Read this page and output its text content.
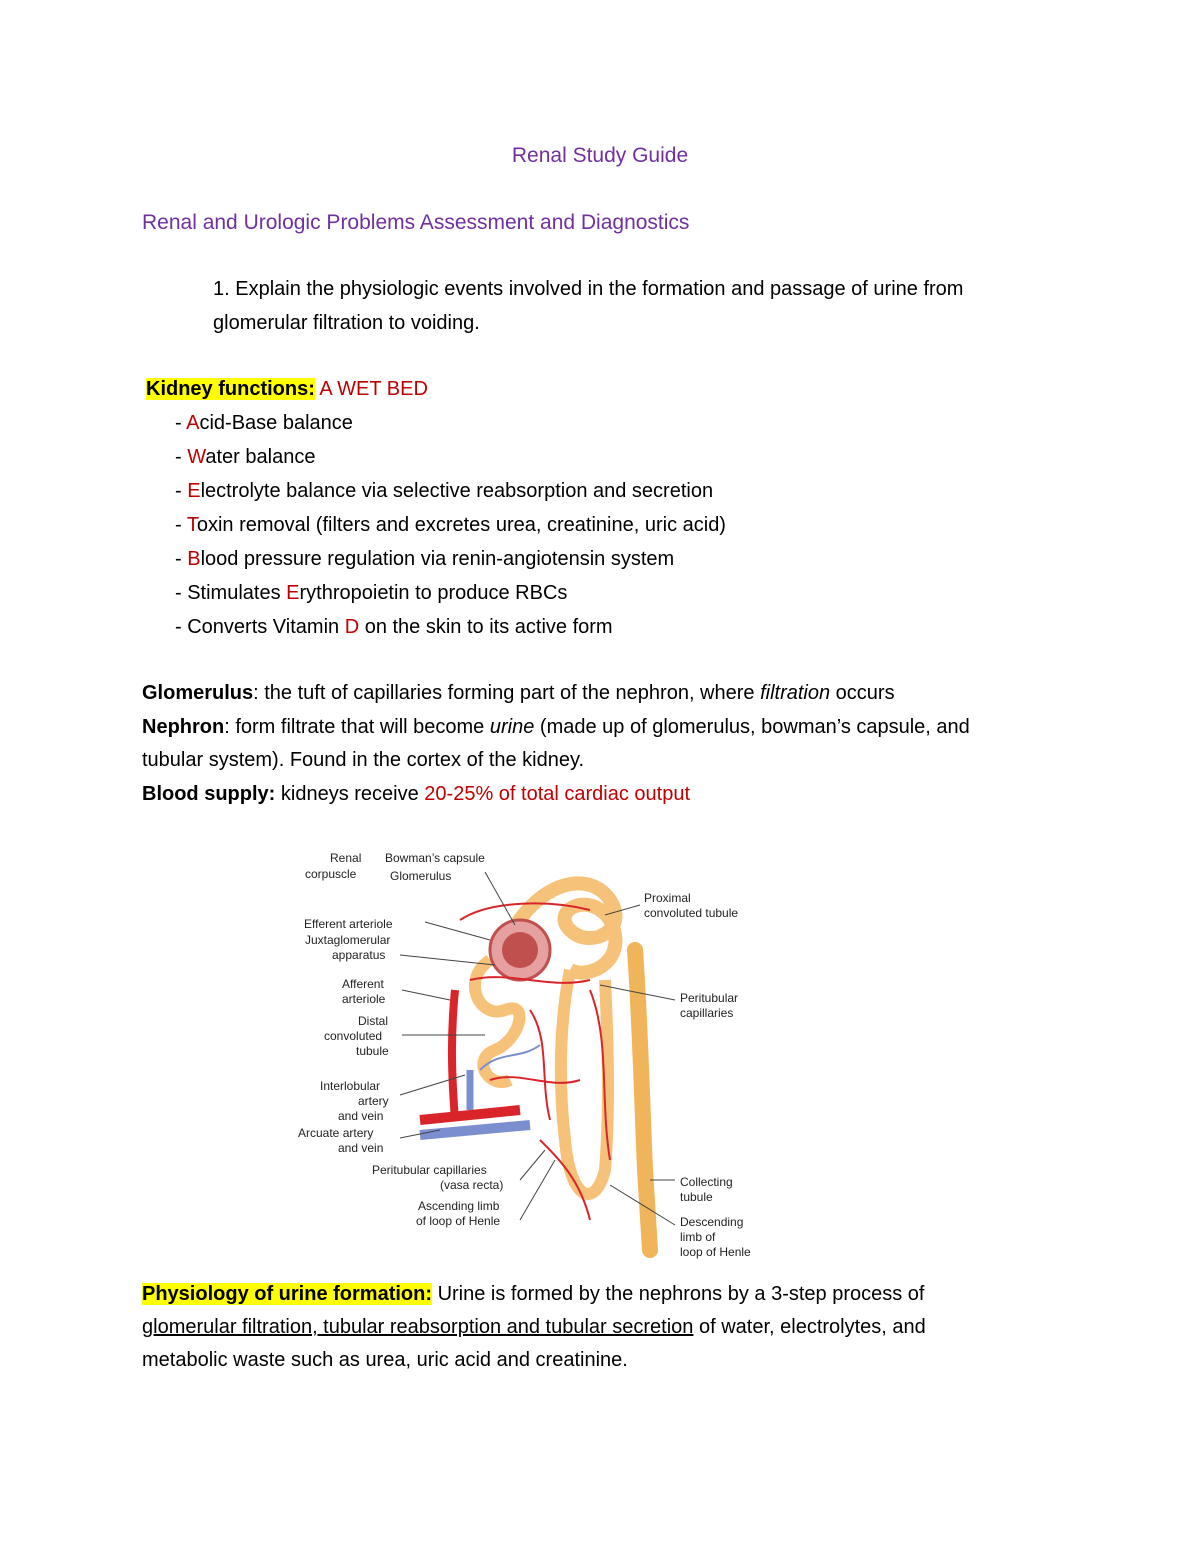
Renal Study Guide
Renal and Urologic Problems Assessment and Diagnostics
1. Explain the physiologic events involved in the formation and passage of urine from
glomerular filtration to voiding.
Kidney functions: A WET BED
- Acid-Base balance
- Water balance
- Electrolyte balance via selective reabsorption and secretion
- Toxin removal (filters and excretes urea, creatinine, uric acid)
- Blood pressure regulation via renin-angiotensin system
- Stimulates Erythropoietin to produce RBCs
- Converts Vitamin D on the skin to its active form
Glomerulus: the tuft of capillaries forming part of the nephron, where filtration occurs
Nephron: form filtrate that will become urine (made up of glomerulus, bowman’s capsule, and
tubular system). Found in the cortex of the kidney.
Blood supply: kidneys receive 20-25% of total cardiac output
Renal
corpuscle
Bowman’s capsule
Glomerulus
Efferent arteriole
Juxtaglomerular
apparatus
Afferent
arteriole
Distal
convoluted
tubule
Interlobular
artery
and vein
Arcuate artery
and vein
Peritubular capillaries
(vasa recta)
Ascending limb
of loop of Henle
Proximal
convoluted tubule
Peritubular
capillaries
Collecting
tubule
Descending
limb of
loop of Henle
Physiology of urine formation: Urine is formed by the nephrons by a 3-step process of
glomerular filtration, tubular reabsorption and tubular secretion of water, electrolytes, and
metabolic waste such as urea, uric acid and creatinine.
